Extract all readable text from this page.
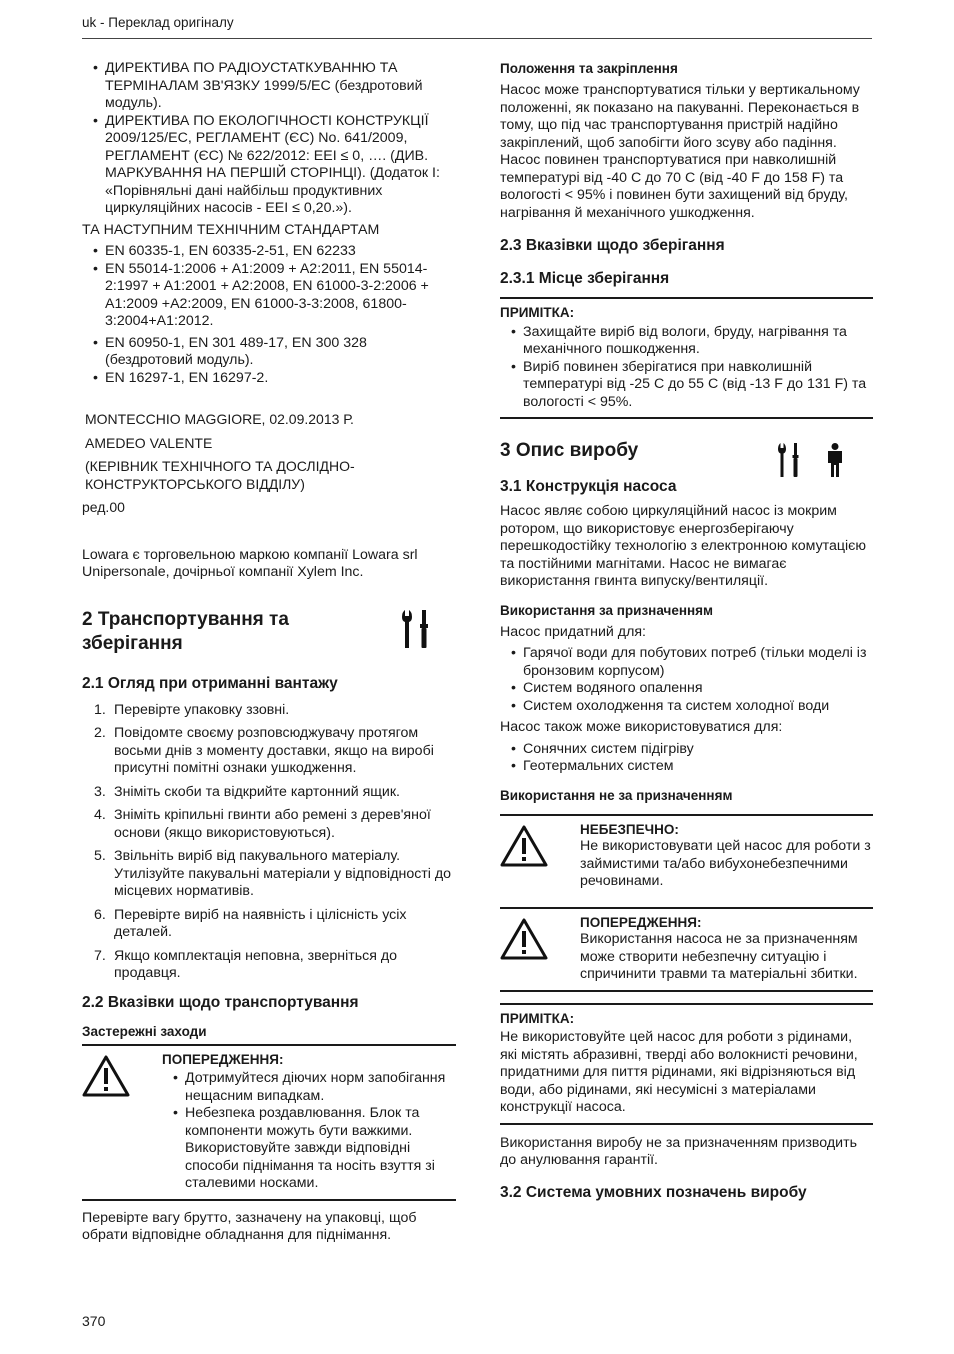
uk - Переклад оригіналу
• ДИРЕКТИВА ПО РАДІОУСТАТКУВАННЮ ТА ТЕРМІНАЛАМ ЗВ'ЯЗКУ 1999/5/ЕС (бездротовий модуль).
• ДИРЕКТИВА ПО ЕКОЛОГІЧНОСТІ КОНСТРУКЦІЇ 2009/125/EC, РЕГЛАМЕНТ (ЄС) No. 641/2009, РЕГЛАМЕНТ (ЄС) № 622/2012: EEI ≤ 0, …. (ДИВ. МАРКУВАННЯ НА ПЕРШІЙ СТОРІНЦІ). (Додаток I: «Порівняльні дані найбільш продуктивних циркуляційних насосів - EEI ≤ 0,20.»).

ТА НАСТУПНИМ ТЕХНІЧНИМ СТАНДАРТАМ

• EN 60335-1, EN 60335-2-51, EN 62233
• EN 55014-1:2006 + A1:2009 + A2:2011, EN 55014-2:1997 + A1:2001 + A2:2008, EN 61000-3-2:2006 + A1:2009 +A2:2009, EN 61000-3-3:2008, 61800-3:2004+A1:2012.
• EN 60950-1, EN 301 489-17, EN 300 328 (бездротовий модуль).
• EN 16297-1, EN 16297-2.

MONTECCHIO MAGGIORE, 02.09.2013 Р.

AMEDEO VALENTE

(КЕРІВНИК ТЕХНІЧНОГО ТА ДОСЛІДНО-КОНСТРУКТОРСЬКОГО ВІДДІЛУ)

ред.00

Lowara є торговельною маркою компанії Lowara srl Unipersonale, дочірньої компанії Xylem Inc.

2 Транспортування та зберігання
2.1 Огляд при отриманні вантажу
1. Перевірте упаковку ззовні.
2. Повідомте своєму розповсюджувачу протягом восьми днів з моменту доставки, якщо на виробі присутні помітні ознаки ушкодження.
3. Зніміть скоби та відкрийте картонний ящик.
4. Зніміть кріпильні гвинти або ремені з дерев'яної основи (якщо використовуються).
5. Звільніть виріб від пакувального матеріалу. Утилізуйте пакувальні матеріали у відповідності до місцевих нормативів.
6. Перевірте виріб на наявність і цілісність усіх деталей.
7. Якщо комплектація неповна, зверніться до продавця.
2.2 Вказівки щодо транспортування
Застережні заходи
ПОПЕРЕДЖЕННЯ:
• Дотримуйтеся діючих норм запобігання нещасним випадкам.
• Небезпека роздавлювання. Блок та компоненти можуть бути важкими. Використовуйте завжди відповідні способи піднімання та носіть взуття зі сталевими носками.

Перевірте вагу брутто, зазначену на упаковці, щоб обрати відповідне обладнання для піднімання.

Положення та закріплення

Насос може транспортуватися тільки у вертикальному положенні, як показано на пакуванні. Переконається в тому, що під час транспортування пристрій надійно закріплений, щоб запобігти його зсуву або падіння. Насос повинен транспортуватися при навколишній температурі від -40 C до 70 C (від -40 F до 158 F) та вологості < 95% і повинен бути захищений від бруду, нагрівання й механічного ушкодження.

2.3 Вказівки щодо зберігання
2.3.1 Місце зберігання
ПРИМІТКА:
• Захищайте виріб від вологи, бруду, нагрівання та механічного пошкодження.
• Виріб повинен зберігатися при навколишній температурі від -25 C до 55 C (від -13 F до 131 F) та вологості < 95%.
3 Опис виробу
3.1 Конструкція насоса

Насос являє собою циркуляційний насос із мокрим ротором, що використовує енергозберігаючу перешкодостійку технологію з електронною комутацією та постійними магнітами. Насос не вимагає використання гвинта випуску/вентиляції.

Використання за призначенням

Насос придатний для:

• Гарячої води для побутових потреб (тільки моделі із бронзовим корпусом)
• Систем водяного опалення
• Систем охолодження та систем холодної води

Насос також може використовуватися для:

• Сонячних систем підігріву
• Геотермальних систем
Використання не за призначенням
НЕБЕЗПЕЧНО:

Не використовувати цей насос для роботи з займистими та/або вибухонебезпечними речовинами.

ПОПЕРЕДЖЕННЯ:

Використання насоса не за призначенням може створити небезпечну ситуацію і спричинити травми та матеріальні збитки.

ПРИМІТКА:

Не використовуйте цей насос для роботи з рідинами, які містять абразивні, тверді або волокнисті речовини, придатними для пиття рідинами, які відрізняються від води, або рідинами, які несумісні з матеріалами конструкції насоса.

Використання виробу не за призначенням призводить до анулювання гарантії.

3.2 Система умовних позначень виробу
370
